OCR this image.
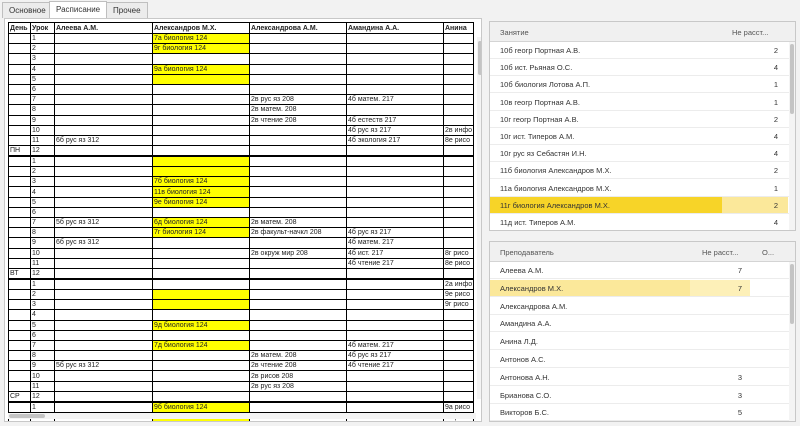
Основное	Расписание	Прочее
День	Урок	Алеева А.М.	Александров М.Х.	Александрова А.М.	Амандина А.А.	Анина
	1		7а биология 124			
	2		9г биология 124			
	3					
	4		9а биология 124			
	5					
	6					
	7			2в рус яз 208	4б матем. 217	
	8			2в матем. 208		
	9			2в чтение 208	4б естеств 217	
	10				4б рус яз 217	2в инфо
	11	6б рус яз 312			4б экология 217	8е рисо
ПН	12					
	1					
	2					
	3		7б биология 124			
	4		11в биология 124			
	5		9е биология 124			
	6					
	7	5б рус яз 312	6д биология 124	2в матем. 208		
	8		7г биология 124	2в факульт-начкл 208	4б рус яз 217	
	9	6б рус яз 312			4б матем. 217	
	10			2в окруж мир 208	4б ист. 217	8г рисо
	11				4б чтение 217	8е рисо
ВТ	12					
	1					2а инфо
	2					9е рисо
	3					9г рисо
	4					
	5		9д биология 124			
	6					
	7		7д биология 124		4б матем. 217	
	8			2в матем. 208	4б рус яз 217	
	9	5б рус яз 312		2в чтение 208	4б чтение 217	
	10			2в рисов 208		
	11			2в рус яз 208		
СР	12					
	1		9б биология 124			9а рисо

Занятие	Не расст...
10б геогр Портная А.В.	2
10б ист. Рьяная О.С.	4
10б биология Лотова А.П.	1
10в геогр Портная А.В.	1
10г геогр Портная А.В.	2
10г ист. Типеров А.М.	4
10г рус яз Себастян И.Н.	4
11б биология Александров М.Х.	2
11а биология Александров М.Х.	1
11г биология Александров М.Х.	2
11д ист. Типеров А.М.	4
Преподаватель	Не расст...	О...
Алеева А.М.	7
Александров М.Х.	7
Александрова А.М.
Амандина А.А.
Анина Л.Д.
Антонов А.С.
Антонова А.Н.	3
Брианова С.О.	3
Викторов Б.С.	5
